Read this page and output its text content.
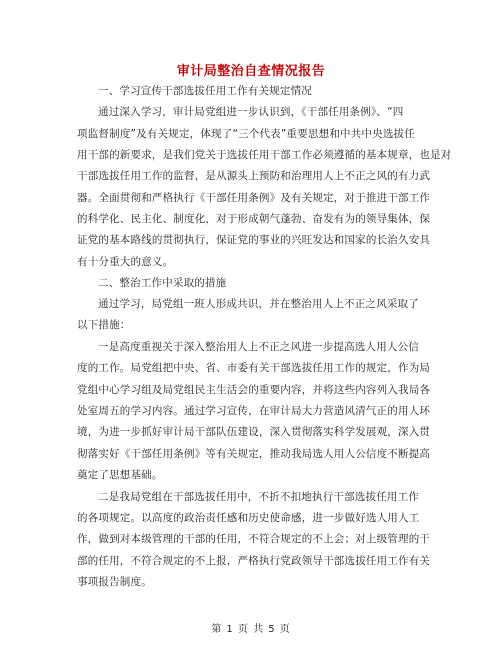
审计局整治自查情况报告
一、学习宣传干部选拔任用工作有关规定情况
通过深入学习，审计局党组进一步认识到，《干部任用条例》、“四
项监督制度”及有关规定，体现了“三个代表”重要思想和中共中央选拔任
用干部的新要求，是我们党关于选拔任用干部工作必须遵循的基本规章，也是对
干部选拔任用工作的监督，是从源头上预防和治理用人上不正之风的有力武
器。全面贯彻和严格执行《干部任用条例》及有关规定，对于推进干部工作
的科学化、民主化、制度化，对于形成朝气蓬勃、奋发有为的领导集体，保
证党的基本路线的贯彻执行，保证党的事业的兴旺发达和国家的长治久安具
有十分重大的意义。
二、整治工作中采取的措施
通过学习，局党组一班人形成共识，并在整治用人上不正之风采取了
以下措施：
一是高度重视关于深入整治用人上不正之风进一步提高选人用人公信
度的工作。局党组把中央、省、市委有关干部选拔任用工作的规定，作为局
党组中心学习组及局党组民主生活会的重要内容，并将这些内容列入我局各
处室周五的学习内容。通过学习宣传，在审计局大力营造风清气正的用人环
境，为进一步抓好审计局干部队伍建设，深入贯彻落实科学发展观，深入贯
彻落实好《干部任用条例》等有关规定，推动我局选人用人公信度不断提高
奠定了思想基础。
二是我局党组在干部选拔任用中，不折不扣地执行干部选拔任用工作
的各项规定。以高度的政治责任感和历史使命感，进一步做好选人用人工
作，做到对本级管理的干部的任用，不符合规定的不上会；对上级管理的干
部的任用，不符合规定的不上报，严格执行党政领导干部选拔任用工作有关
事项报告制度。
第 1 页 共 5 页
